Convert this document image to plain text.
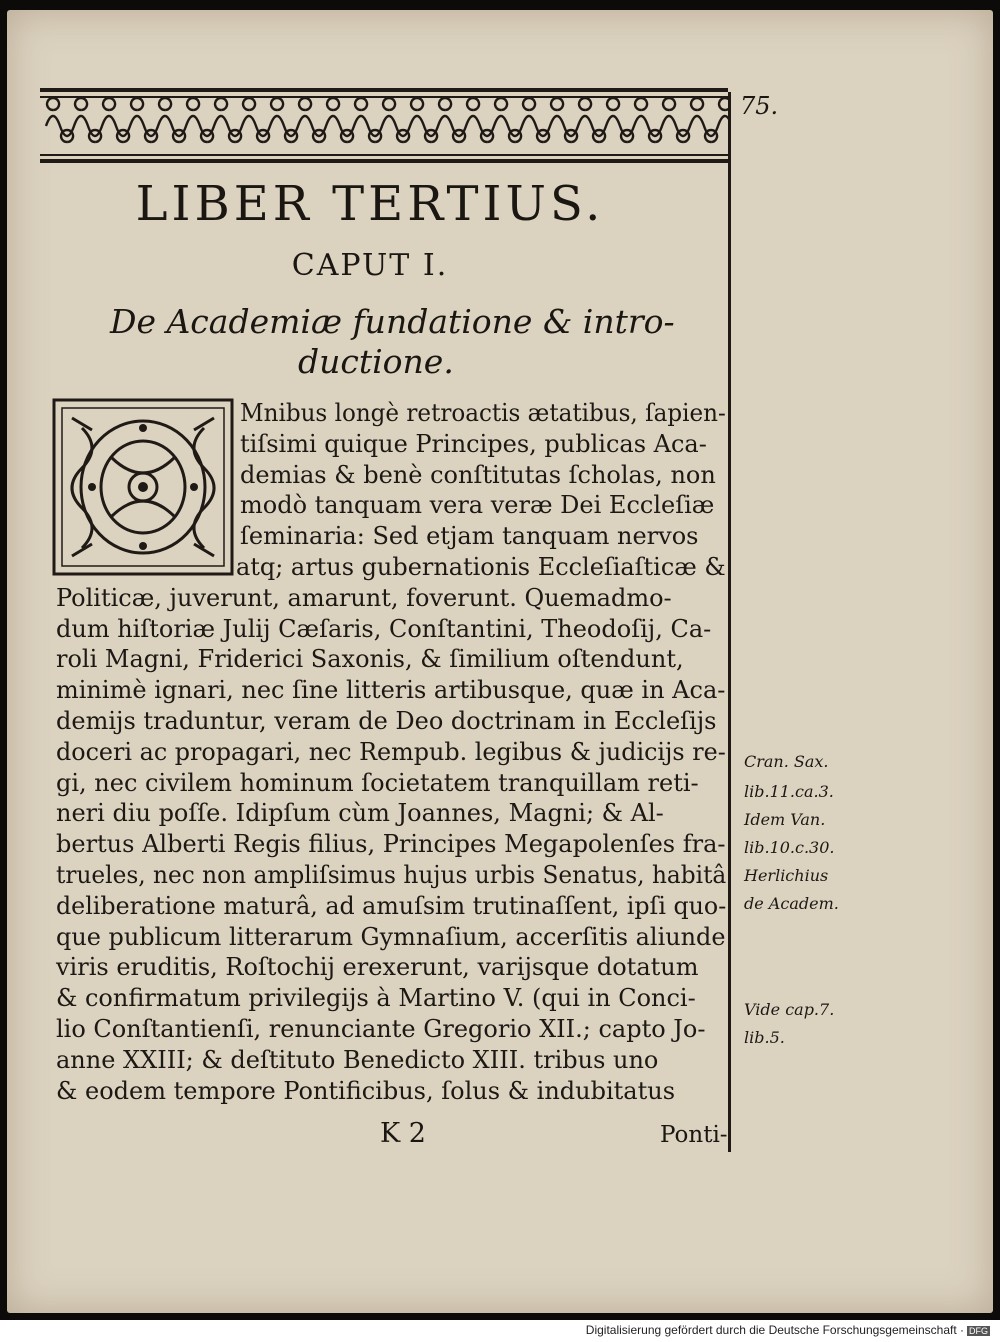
75.
LIBER TERTIUS.
CAPUT I.
De Academiæ fundatione & intro-
ductione.
Mnibus longè retroactis ætatibus, ſapien-
tiſsimi quique Principes, publicas Aca-
demias & benè conſtitutas ſcholas, non
modò tanquam vera veræ Dei Eccleſiæ
ſeminaria: Sed etjam tanquam nervos
atq; artus gubernationis Eccleſiaſticæ &
Politicæ, juverunt, amarunt, foverunt. Quemadmo-
dum hiſtoriæ Julij Cæſaris, Conſtantini, Theodoſij, Ca-
roli Magni, Friderici Saxonis, & ſimilium oſtendunt,
minimè ignari, nec ſine litteris artibusque, quæ in Aca-
demijs traduntur, veram de Deo doctrinam in Eccleſijs
doceri ac propagari, nec Rempub. legibus & judicijs re-
gi, nec civilem hominum ſocietatem tranquillam reti-
neri diu poſſe. Idipſum cùm Joannes, Magni; & Al-
bertus Alberti Regis filius, Principes Megapolenſes fra-
trueles, nec non ampliſsimus hujus urbis Senatus, habitâ
deliberatione maturâ, ad amuſsim trutinaſſent, ipſi quo-
que publicum litterarum Gymnaſium, accerſitis aliunde
viris eruditis, Roſtochij erexerunt, varijsque dotatum
& confirmatum privilegijs à Martino V. (qui in Conci-
lio Conſtantienſi, renunciante Gregorio XII.; capto Jo-
anne XXIII; & deſtituto Benedicto XIII. tribus uno
& eodem tempore Pontificibus, ſolus & indubitatus
Cran. Sax.
lib.11.ca.3.
Idem Van.
lib.10.c.30.
Herlichius
de Academ.
Vide cap.7.
lib.5.
K 2	Ponti-
Digitalisierung gefördert durch die Deutsche Forschungsgemeinschaft · DFG
